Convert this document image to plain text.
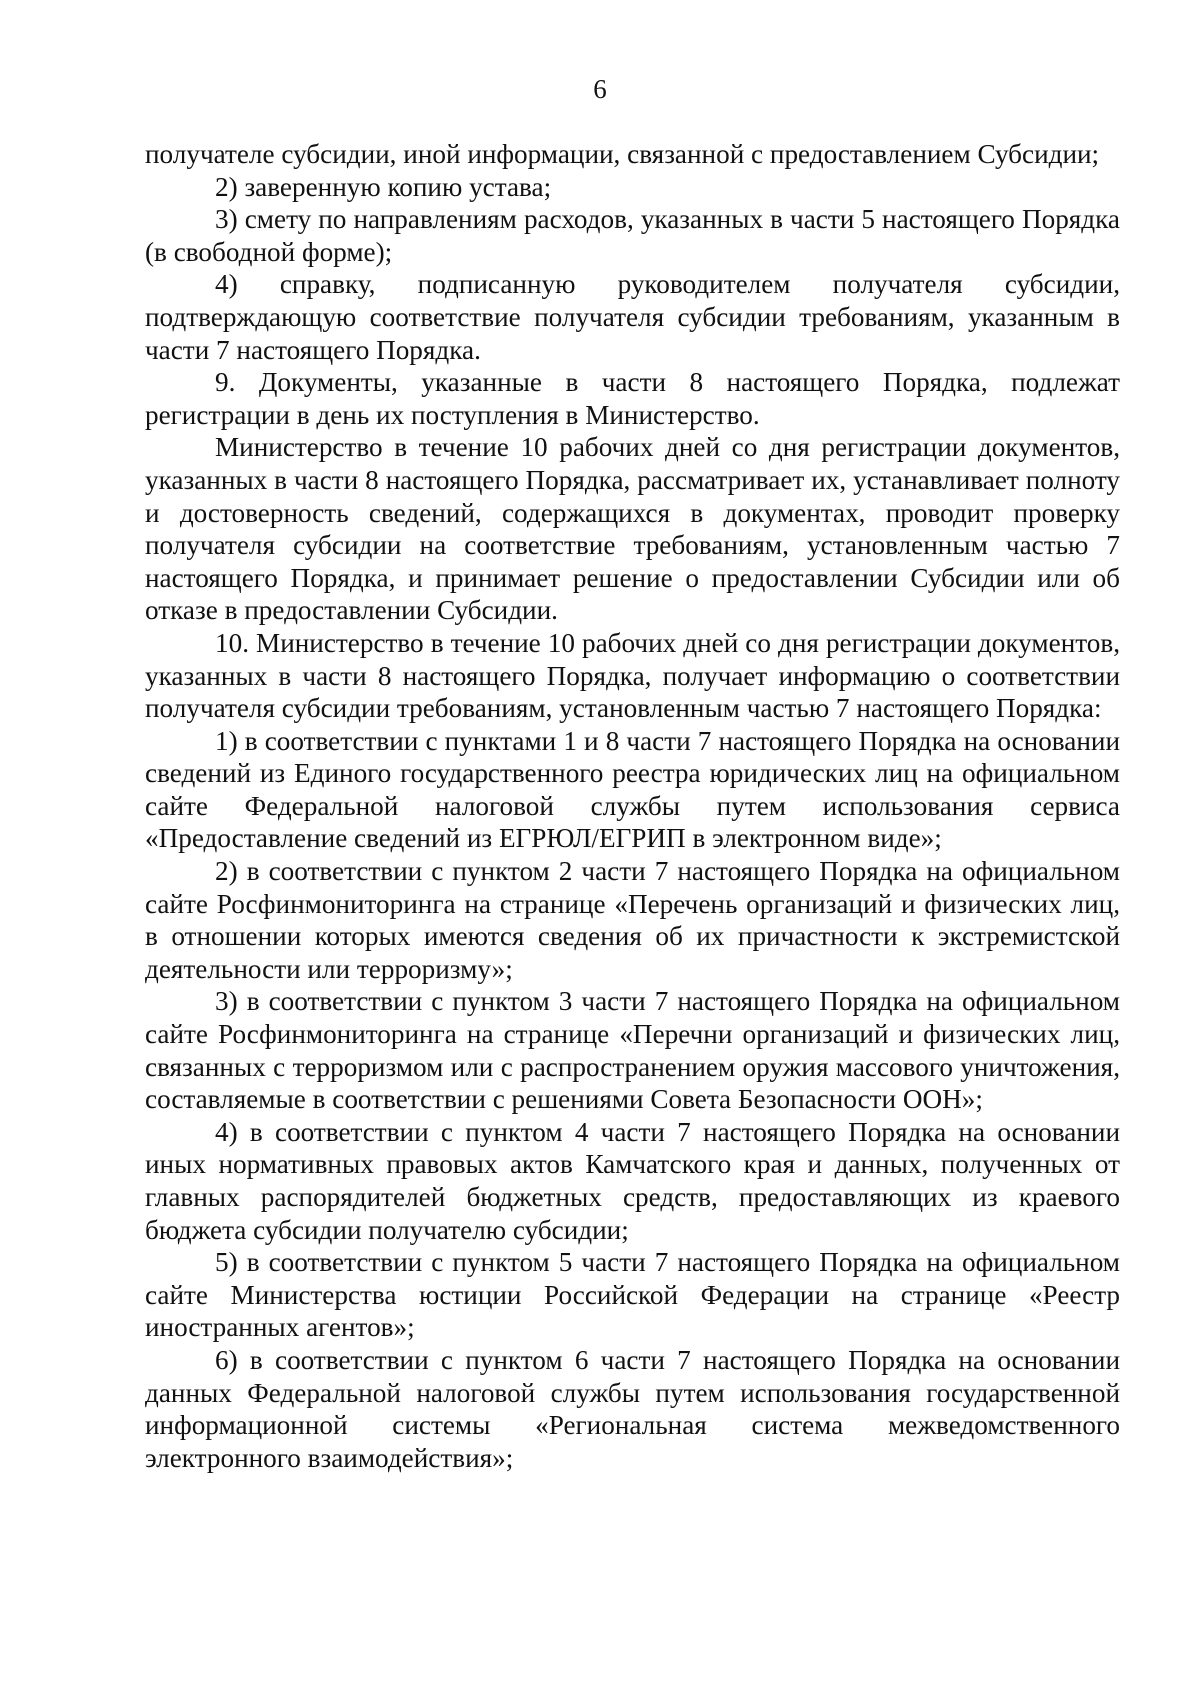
6

получателе субсидии, иной информации, связанной с предоставлением Субсидии;

2) заверенную копию устава;

3) смету по направлениям расходов, указанных в части 5 настоящего Порядка (в свободной форме);

4) справку, подписанную руководителем получателя субсидии, подтверждающую соответствие получателя субсидии требованиям, указанным в части 7 настоящего Порядка.

9. Документы, указанные в части 8 настоящего Порядка, подлежат регистрации в день их поступления в Министерство.

Министерство в течение 10 рабочих дней со дня регистрации документов, указанных в части 8 настоящего Порядка, рассматривает их, устанавливает полноту и достоверность сведений, содержащихся в документах, проводит проверку получателя субсидии на соответствие требованиям, установленным частью 7 настоящего Порядка, и принимает решение о предоставлении Субсидии или об отказе в предоставлении Субсидии.

10. Министерство в течение 10 рабочих дней со дня регистрации документов, указанных в части 8 настоящего Порядка, получает информацию о соответствии получателя субсидии требованиям, установленным частью 7 настоящего Порядка:

1) в соответствии с пунктами 1 и 8 части 7 настоящего Порядка на основании сведений из Единого государственного реестра юридических лиц на официальном сайте Федеральной налоговой службы путем использования сервиса «Предоставление сведений из ЕГРЮЛ/ЕГРИП в электронном виде»;

2) в соответствии с пунктом 2 части 7 настоящего Порядка на официальном сайте Росфинмониторинга на странице «Перечень организаций и физических лиц, в отношении которых имеются сведения об их причастности к экстремистской деятельности или терроризму»;

3) в соответствии с пунктом 3 части 7 настоящего Порядка на официальном сайте Росфинмониторинга на странице «Перечни организаций и физических лиц, связанных с терроризмом или с распространением оружия массового уничтожения, составляемые в соответствии с решениями Совета Безопасности ООН»;

4) в соответствии с пунктом 4 части 7 настоящего Порядка на основании иных нормативных правовых актов Камчатского края и данных, полученных от главных распорядителей бюджетных средств, предоставляющих из краевого бюджета субсидии получателю субсидии;

5) в соответствии с пунктом 5 части 7 настоящего Порядка на официальном сайте Министерства юстиции Российской Федерации на странице «Реестр иностранных агентов»;

6) в соответствии с пунктом 6 части 7 настоящего Порядка на основании данных Федеральной налоговой службы путем использования государственной информационной системы «Региональная система межведомственного электронного взаимодействия»;
